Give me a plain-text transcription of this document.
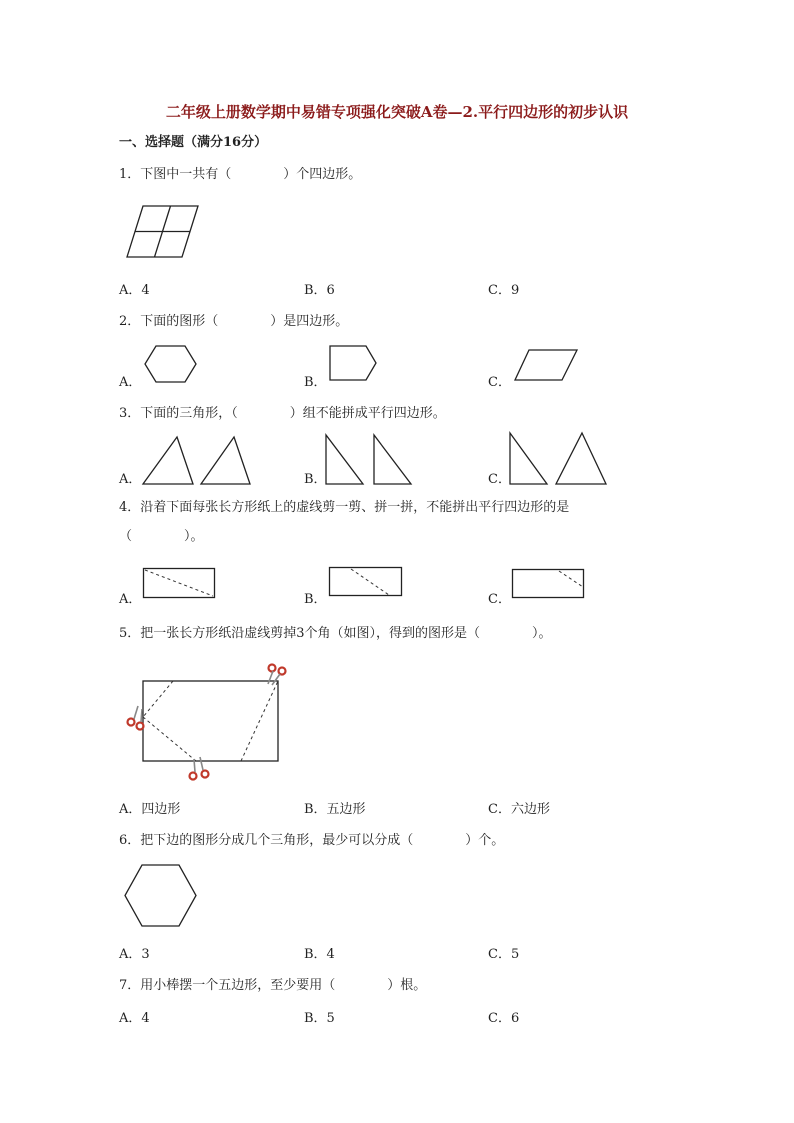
二年级上册数学期中易错专项强化突破A卷—2.平行四边形的初步认识
一、选择题（满分16分）
1．下图中一共有（　　　　）个四边形。
A．4	B．6	C．9
2．下面的图形（　　　　）是四边形。
A．	B．	C．
3．下面的三角形，（　　　　）组不能拼成平行四边形。
A．	B．	C．
4．沿着下面每张长方形纸上的虚线剪一剪、拼一拼，不能拼出平行四边形的是
（　　　　）。
A．	B．	C．
5．把一张长方形纸沿虚线剪掉3个角（如图），得到的图形是（　　　　）。
A．四边形	B．五边形	C．六边形
6．把下边的图形分成几个三角形，最少可以分成（　　　　）个。
A．3	B．4	C．5
7．用小棒摆一个五边形，至少要用（　　　　）根。
A．4	B．5	C．6
